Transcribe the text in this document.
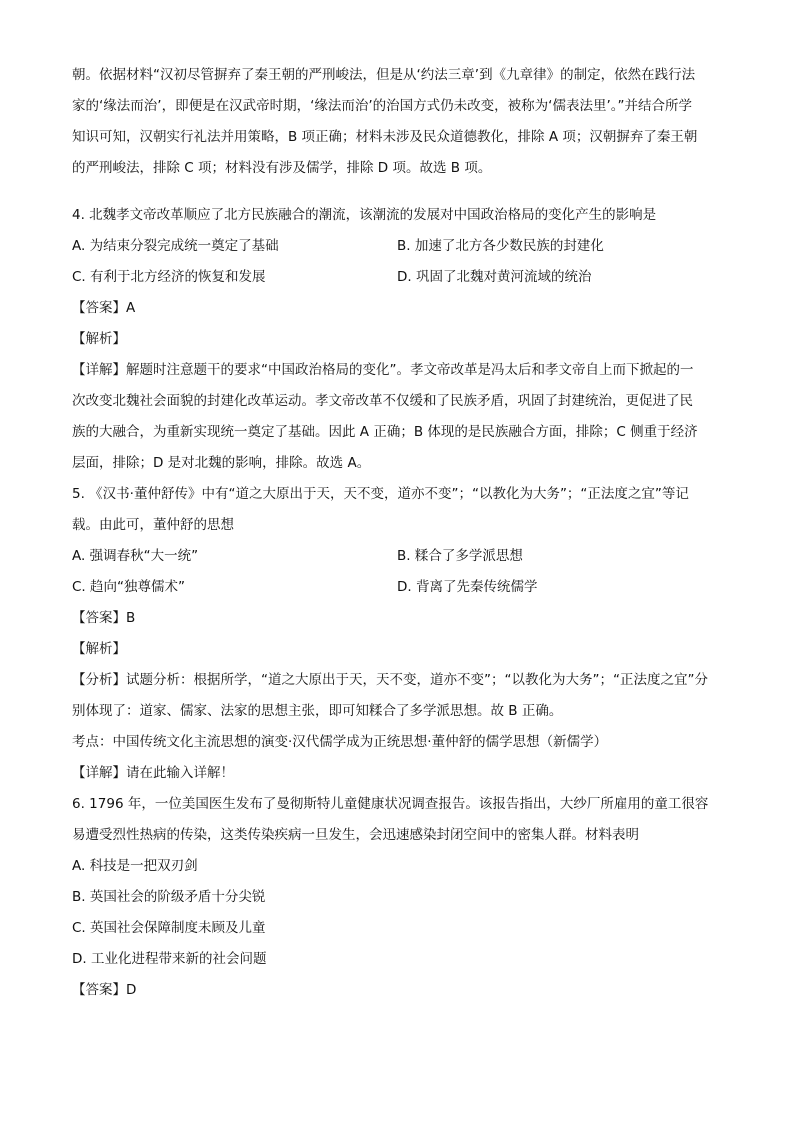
朝。依据材料“汉初尽管摒弃了秦王朝的严刑峻法，但是从‘约法三章’到《九章律》的制定，依然在践行法

家的‘缘法而治’，即便是在汉武帝时期，‘缘法而治’的治国方式仍未改变，被称为‘儒表法里’。”并结合所学

知识可知，汉朝实行礼法并用策略，B 项正确；材料未涉及民众道德教化，排除 A 项；汉朝摒弃了秦王朝

的严刑峻法，排除 C 项；材料没有涉及儒学，排除 D 项。故选 B 项。

4. 北魏孝文帝改革顺应了北方民族融合的潮流，该潮流的发展对中国政治格局的变化产生的影响是

A. 为结束分裂完成统一奠定了基础	B. 加速了北方各少数民族的封建化
C. 有利于北方经济的恢复和发展	D. 巩固了北魏对黄河流域的统治

【答案】A

【解析】

【详解】解题时注意题干的要求“中国政治格局的变化”。孝文帝改革是冯太后和孝文帝自上而下掀起的一

次改变北魏社会面貌的封建化改革运动。孝文帝改革不仅缓和了民族矛盾，巩固了封建统治，更促进了民

族的大融合，为重新实现统一奠定了基础。因此 A 正确；B 体现的是民族融合方面，排除；C 侧重于经济

层面，排除；D 是对北魏的影响，排除。故选 A。

5. 《汉书·董仲舒传》中有“道之大原出于天，天不变，道亦不变”；“以教化为大务”；“正法度之宜”等记

载。由此可，董仲舒的思想

A. 强调春秋“大一统”	B. 糅合了多学派思想
C. 趋向“独尊儒术”	D. 背离了先秦传统儒学

【答案】B

【解析】

【分析】试题分析：根据所学，“道之大原出于天，天不变，道亦不变”；“以教化为大务”；“正法度之宜”分

别体现了：道家、儒家、法家的思想主张，即可知糅合了多学派思想。故 B 正确。

考点：中国传统文化主流思想的演变·汉代儒学成为正统思想·董仲舒的儒学思想（新儒学）

【详解】请在此输入详解！

6. 1796 年，一位美国医生发布了曼彻斯特儿童健康状况调查报告。该报告指出，大纱厂所雇用的童工很容

易遭受烈性热病的传染，这类传染疾病一旦发生，会迅速感染封闭空间中的密集人群。材料表明

A. 科技是一把双刃剑
B. 英国社会的阶级矛盾十分尖锐
C. 英国社会保障制度未顾及儿童
D. 工业化进程带来新的社会问题

【答案】D
